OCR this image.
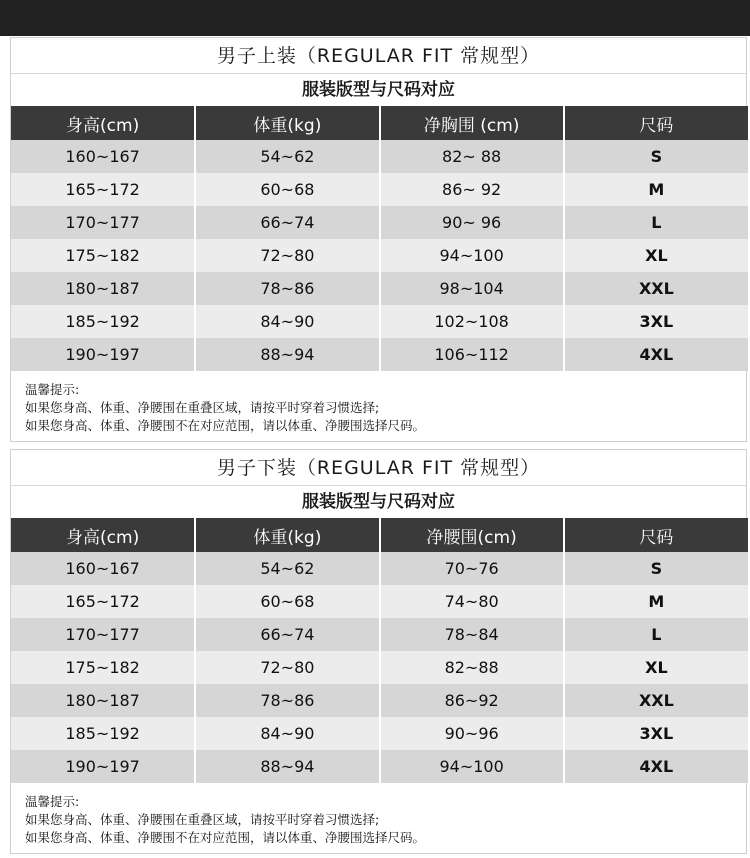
男子上装（REGULAR FIT 常规型）
服装版型与尺码对应
身高(cm)	体重(kg)	净胸围 (cm)	尺码
160~167	54~62	82~ 88	S
165~172	60~68	86~ 92	M
170~177	66~74	90~ 96	L
175~182	72~80	94~100	XL
180~187	78~86	98~104	XXL
185~192	84~90	102~108	3XL
190~197	88~94	106~112	4XL

温馨提示:

如果您身高、体重、净腰围在重叠区域，请按平时穿着习惯选择;

如果您身高、体重、净腰围不在对应范围，请以体重、净腰围选择尺码。

男子下装（REGULAR FIT 常规型）
服装版型与尺码对应
身高(cm)	体重(kg)	净腰围(cm)	尺码
160~167	54~62	70~76	S
165~172	60~68	74~80	M
170~177	66~74	78~84	L
175~182	72~80	82~88	XL
180~187	78~86	86~92	XXL
185~192	84~90	90~96	3XL
190~197	88~94	94~100	4XL

温馨提示:

如果您身高、体重、净腰围在重叠区域，请按平时穿着习惯选择;

如果您身高、体重、净腰围不在对应范围，请以体重、净腰围选择尺码。
